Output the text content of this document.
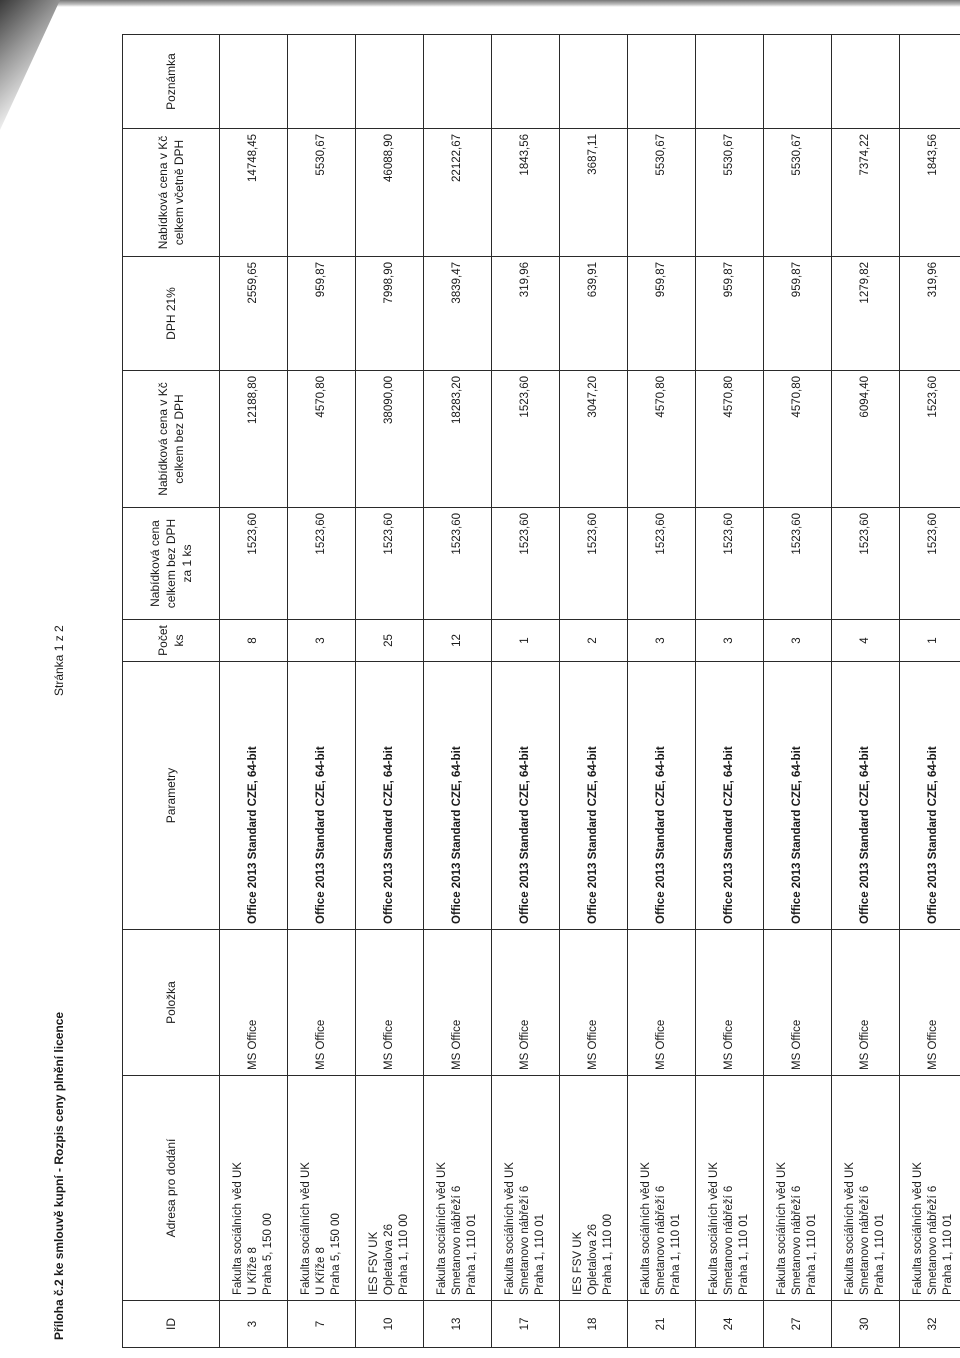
Příloha č.2 ke smlouvě kupní - Rozpis ceny plnění licence
Stránka 1 z 2
ID	Adresa pro dodání	Položka	Parametry	Počet ks	Nabídková cena celkem bez DPH za 1 ks	Nabídková cena v Kč celkem bez DPH	DPH 21%	Nabídková cena v Kč celkem včetně DPH	Poznámka
3	Fakulta sociálních věd UK U Kříže 8 Praha 5, 150 00	MS Office	Office 2013 Standard CZE, 64-bit	8	1523,60	12188,80	2559,65	14748,45	
7	Fakulta sociálních věd UK U Kříže 8 Praha 5, 150 00	MS Office	Office 2013 Standard CZE, 64-bit	3	1523,60	4570,80	959,87	5530,67	
10	IES FSV UK Opletalova 26 Praha 1, 110 00	MS Office	Office 2013 Standard CZE, 64-bit	25	1523,60	38090,00	7998,90	46088,90	
13	Fakulta sociálních věd UK Smetanovo nábřeží 6 Praha 1, 110 01	MS Office	Office 2013 Standard CZE, 64-bit	12	1523,60	18283,20	3839,47	22122,67	
17	Fakulta sociálních věd UK Smetanovo nábřeží 6 Praha 1, 110 01	MS Office	Office 2013 Standard CZE, 64-bit	1	1523,60	1523,60	319,96	1843,56	
18	IES FSV UK Opletalova 26 Praha 1, 110 00	MS Office	Office 2013 Standard CZE, 64-bit	2	1523,60	3047,20	639,91	3687,11	
21	Fakulta sociálních věd UK Smetanovo nábřeží 6 Praha 1, 110 01	MS Office	Office 2013 Standard CZE, 64-bit	3	1523,60	4570,80	959,87	5530,67	
24	Fakulta sociálních věd UK Smetanovo nábřeží 6 Praha 1, 110 01	MS Office	Office 2013 Standard CZE, 64-bit	3	1523,60	4570,80	959,87	5530,67	
27	Fakulta sociálních věd UK Smetanovo nábřeží 6 Praha 1, 110 01	MS Office	Office 2013 Standard CZE, 64-bit	3	1523,60	4570,80	959,87	5530,67	
30	Fakulta sociálních věd UK Smetanovo nábřeží 6 Praha 1, 110 01	MS Office	Office 2013 Standard CZE, 64-bit	4	1523,60	6094,40	1279,82	7374,22	
32	Fakulta sociálních věd UK Smetanovo nábřeží 6 Praha 1, 110 01	MS Office	Office 2013 Standard CZE, 64-bit	1	1523,60	1523,60	319,96	1843,56	
